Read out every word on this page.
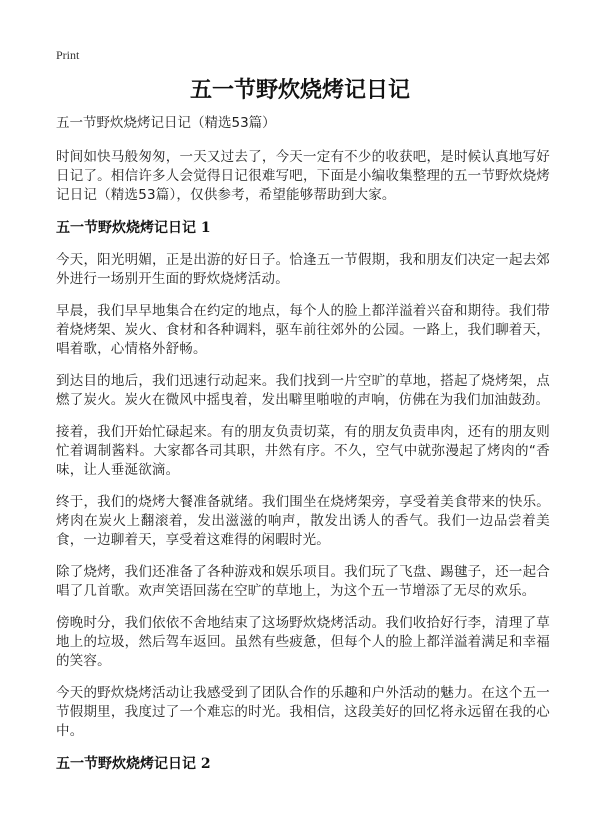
Print
五一节野炊烧烤记日记

五一节野炊烧烤记日记（精选53篇）

时间如快马般匆匆，一天又过去了，今天一定有不少的收获吧，是时候认真地写好日记了。相信许多人会觉得日记很难写吧，下面是小编收集整理的五一节野炊烧烤记日记（精选53篇），仅供参考，希望能够帮助到大家。

五一节野炊烧烤记日记 1

今天，阳光明媚，正是出游的好日子。恰逢五一节假期，我和朋友们决定一起去郊外进行一场别开生面的野炊烧烤活动。

早晨，我们早早地集合在约定的地点，每个人的脸上都洋溢着兴奋和期待。我们带着烧烤架、炭火、食材和各种调料，驱车前往郊外的公园。一路上，我们聊着天，唱着歌，心情格外舒畅。

到达目的地后，我们迅速行动起来。我们找到一片空旷的草地，搭起了烧烤架，点燃了炭火。炭火在微风中摇曳着，发出噼里啪啦的声响，仿佛在为我们加油鼓劲。

接着，我们开始忙碌起来。有的朋友负责切菜，有的朋友负责串肉，还有的朋友则忙着调制酱料。大家都各司其职，井然有序。不久，空气中就弥漫起了烤肉的“香味，让人垂涎欲滴。

终于，我们的烧烤大餐准备就绪。我们围坐在烧烤架旁，享受着美食带来的快乐。烤肉在炭火上翻滚着，发出滋滋的响声，散发出诱人的香气。我们一边品尝着美食，一边聊着天，享受着这难得的闲暇时光。

除了烧烤，我们还准备了各种游戏和娱乐项目。我们玩了飞盘、踢毽子，还一起合唱了几首歌。欢声笑语回荡在空旷的草地上，为这个五一节增添了无尽的欢乐。

傍晚时分，我们依依不舍地结束了这场野炊烧烤活动。我们收拾好行李，清理了草地上的垃圾，然后驾车返回。虽然有些疲惫，但每个人的脸上都洋溢着满足和幸福的笑容。

今天的野炊烧烤活动让我感受到了团队合作的乐趣和户外活动的魅力。在这个五一节假期里，我度过了一个难忘的时光。我相信，这段美好的回忆将永远留在我的心中。

五一节野炊烧烤记日记 2
